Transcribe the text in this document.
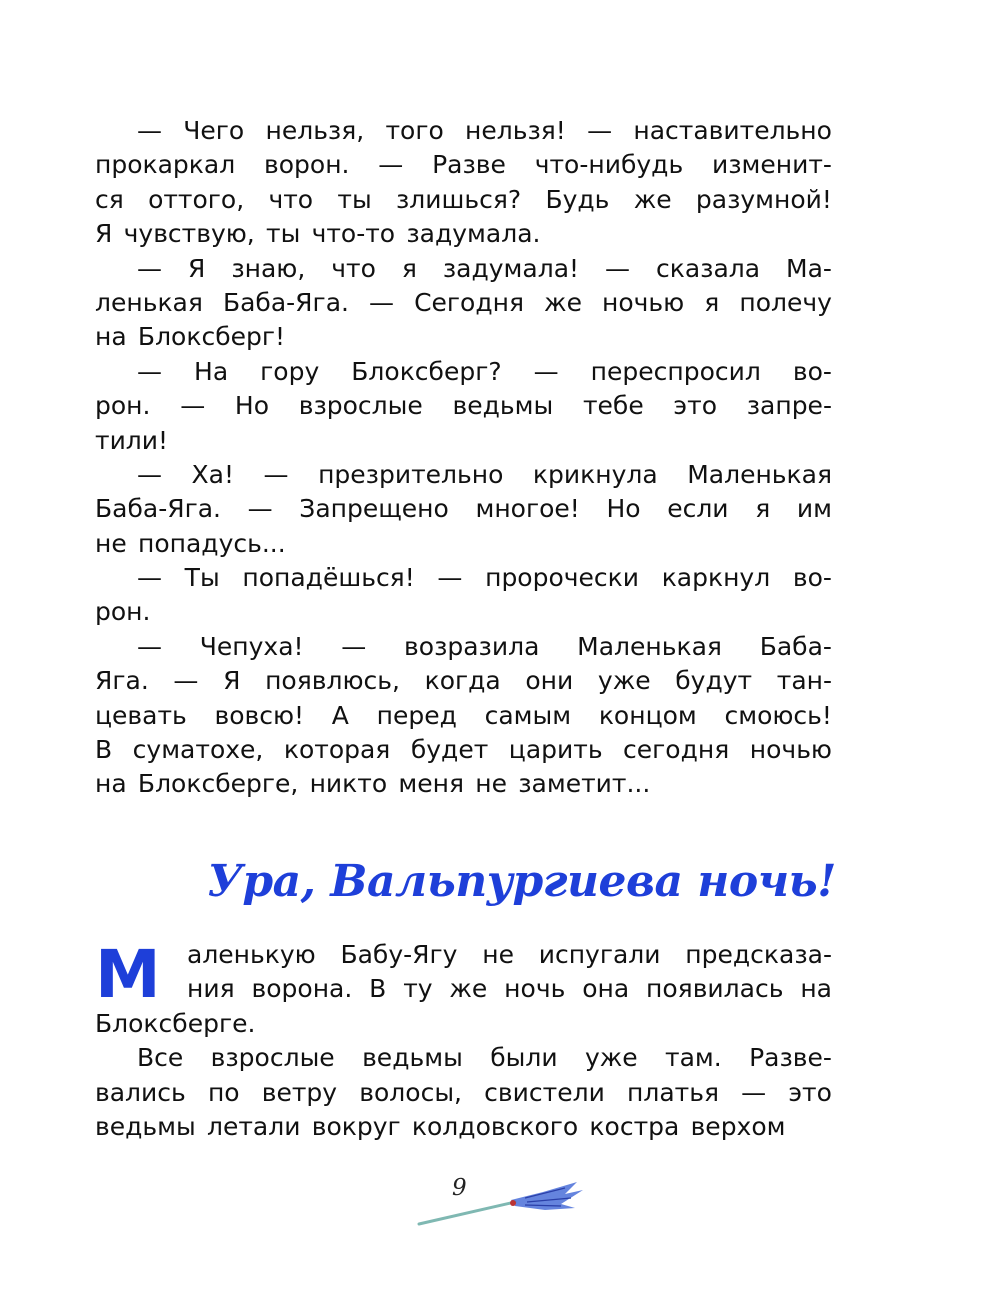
— Чего нельзя, того нельзя! — наставительно
прокаркал ворон. — Разве что-нибудь изменит-
ся оттого, что ты злишься? Будь же разумной!
Я чувствую, ты что-то задумала.
— Я знаю, что я задумала! — сказала Ма-
ленькая Баба-Яга. — Сегодня же ночью я полечу
на Блоксберг!
— На гору Блоксберг? — переспросил во-
рон. — Но взрослые ведьмы тебе это запре-
тили!
— Ха! — презрительно крикнула Маленькая
Баба-Яга. — Запрещено многое! Но если я им
не попадусь...
— Ты попадёшься! — пророчески каркнул во-
рон.
— Чепуха! — возразила Маленькая Баба-
Яга. — Я появлюсь, когда они уже будут тан-
цевать вовсю! А перед самым концом смоюсь!
В суматохе, которая будет царить сегодня ночью
на Блоксберге, никто меня не заметит...
Ура, Вальпургиева ночь!
М аленькую Бабу-Ягу не испугали предсказа-
ния ворона. В ту же ночь она появилась на
Блоксберге.
Все взрослые ведьмы были уже там. Разве-
вались по ветру волосы, свистели платья — это
ведьмы летали вокруг колдовского костра верхом
9
